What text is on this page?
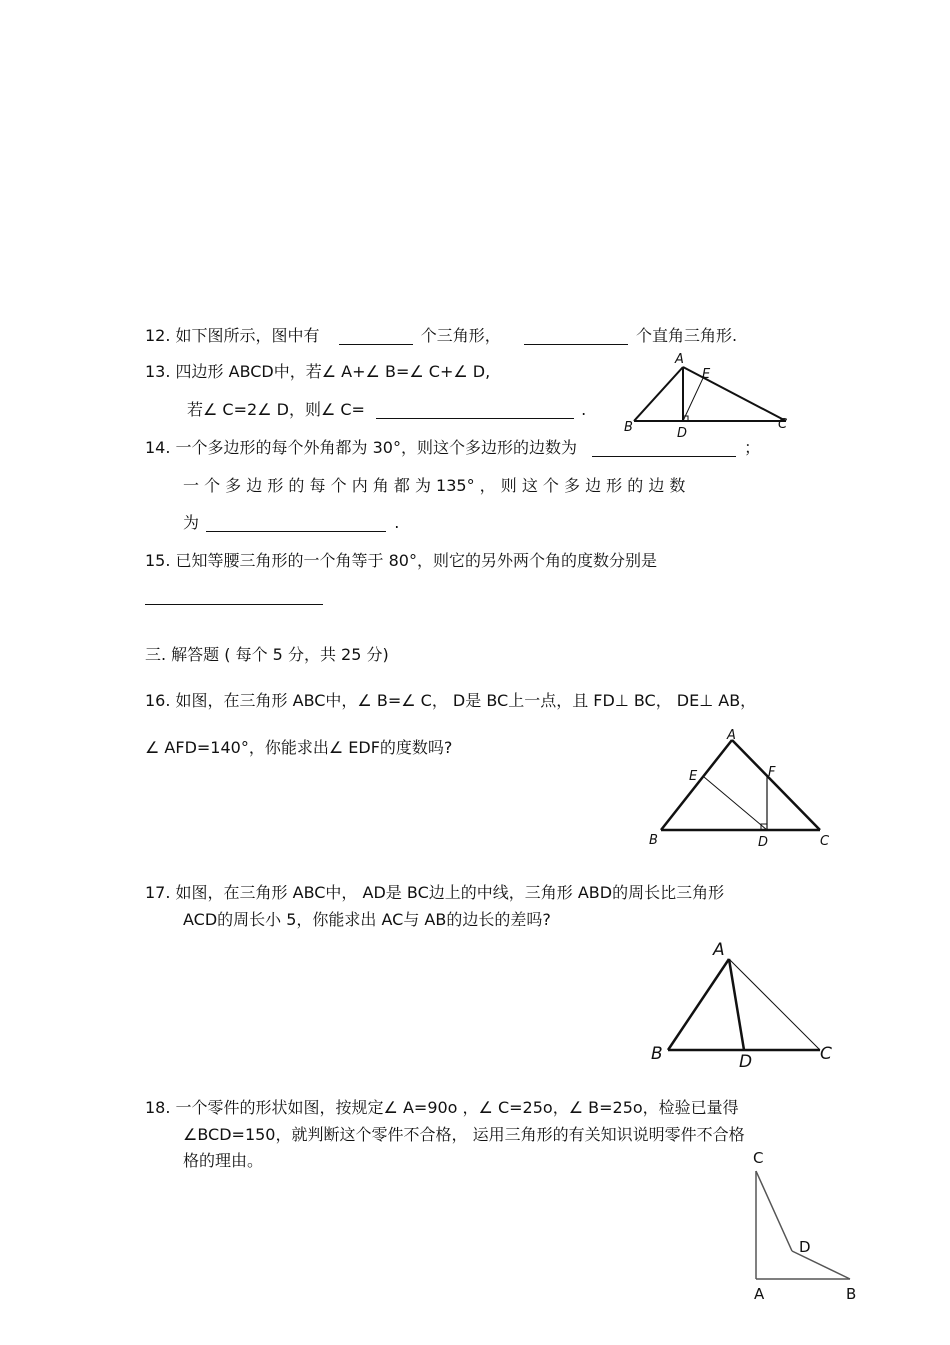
12. 如下图所示，图中有	个三角形，	个直角三角形.
13. 四边形 ABCD中，若∠ A+∠ B=∠ C+∠ D,
若∠ C=2∠ D，则∠ C=	.
A
E
B	D
C
14. 一个多边形的每个外角都为 30°，则这个多边形的边数为	；
一 个 多 边 形 的 每 个 内 角 都 为 135° ， 则 这 个 多 边 形 的 边 数
为	.
15. 已知等腰三角形的一个角等于 80°，则它的另外两个角的度数分别是
三. 解答题 ( 每个 5 分，共 25 分)
16. 如图，在三角形 ABC中，∠ B=∠ C， D是 BC上一点，且 FD⊥ BC， DE⊥ AB，
∠ AFD=140°，你能求出∠ EDF的度数吗?
A
E	F
B	D	C
17. 如图，在三角形 ABC中， AD是 BC边上的中线，三角形 ABD的周长比三角形
ACD的周长小 5，你能求出 AC与 AB的边长的差吗?
A
B	D	C
18. 一个零件的形状如图，按规定∠ A=90o ，∠ C=25o，∠ B=25o，检验已量得
∠BCD=150，就判断这个零件不合格， 运用三角形的有关知识说明零件不合格
格的理由。	C
D
A	B
